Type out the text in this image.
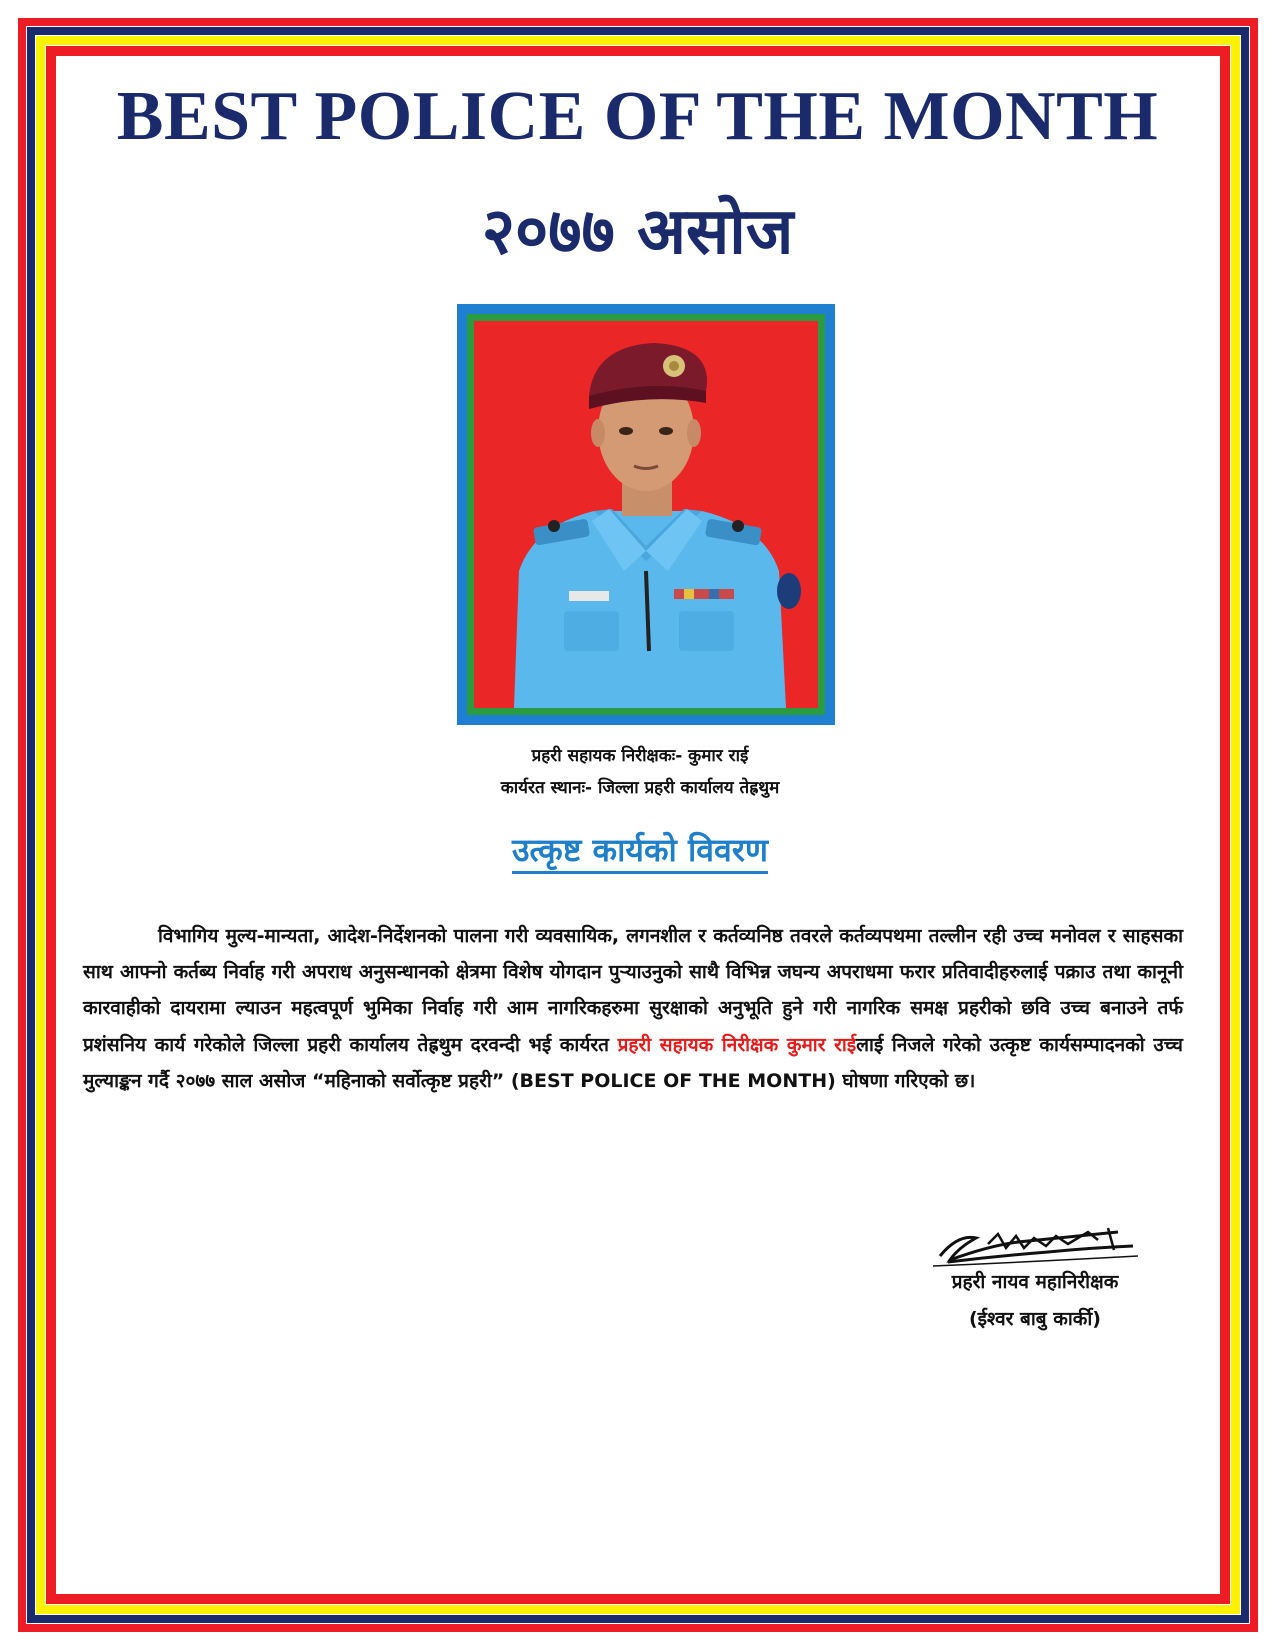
BEST POLICE OF THE MONTH
२०७७ असोज
प्रहरी सहायक निरीक्षकः- कुमार राई
कार्यरत स्थानः- जिल्ला प्रहरी कार्यालय तेह्रथुम
उत्कृष्ट कार्यको विवरण

विभागिय मुल्य-मान्यता, आदेश-निर्देशनको पालना गरी व्यवसायिक, लगनशील र कर्तव्यनिष्ठ तवरले कर्तव्यपथमा तल्लीन रही उच्च मनोवल र साहसका साथ आफ्नो कर्तब्य निर्वाह गरी अपराध अनुसन्धानको क्षेत्रमा विशेष योगदान पुऱ्याउनुको साथै विभिन्न जघन्य अपराधमा फरार प्रतिवादीहरुलाई पक्राउ तथा कानूनी कारवाहीको दायरामा ल्याउन महत्वपूर्ण भुमिका निर्वाह गरी आम नागरिकहरुमा सुरक्षाको अनुभूति हुने गरी नागरिक समक्ष प्रहरीको छवि उच्च बनाउने तर्फ प्रशंसनिय कार्य गरेकोले जिल्ला प्रहरी कार्यालय तेह्रथुम दरवन्दी भई कार्यरत प्रहरी सहायक निरीक्षक कुमार राईलाई निजले गरेको उत्कृष्ट कार्यसम्पादनको उच्च मुल्याङ्कन गर्दै २०७७ साल असोज “महिनाको सर्वोत्कृष्ट प्रहरी” (BEST POLICE OF THE MONTH) घोषणा गरिएको छ।

प्रहरी नायव महानिरीक्षक
(ईश्वर बाबु कार्की)
